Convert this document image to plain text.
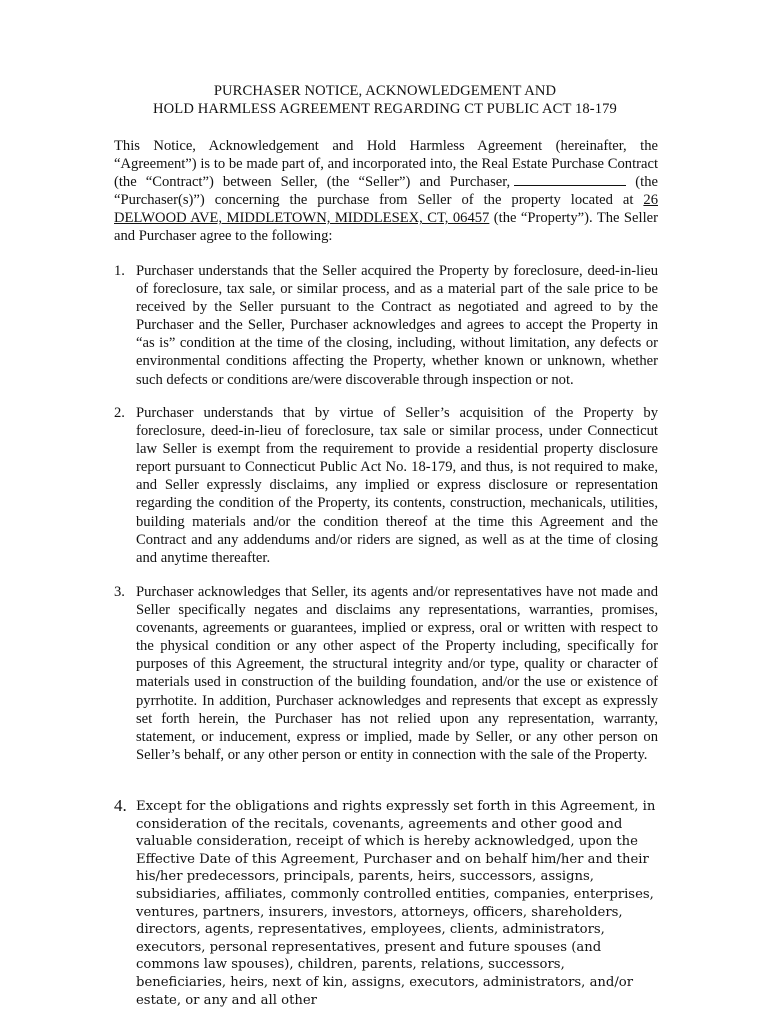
PURCHASER NOTICE, ACKNOWLEDGEMENT AND
HOLD HARMLESS AGREEMENT REGARDING CT PUBLIC ACT 18-179

This Notice, Acknowledgement and Hold Harmless Agreement (hereinafter, the “Agreement”) is to be made part of, and incorporated into, the Real Estate Purchase Contract (the “Contract”) between Seller, (the “Seller”) and Purchaser,	(the “Purchaser(s)”) concerning the purchase from Seller of the property located at 26 DELWOOD AVE, MIDDLETOWN, MIDDLESEX, CT, 06457 (the “Property”). The Seller and Purchaser agree to the following:

1. Purchaser understands that the Seller acquired the Property by foreclosure, deed-in-lieu of foreclosure, tax sale, or similar process, and as a material part of the sale price to be received by the Seller pursuant to the Contract as negotiated and agreed to by the Purchaser and the Seller, Purchaser acknowledges and agrees to accept the Property in “as is” condition at the time of the closing, including, without limitation, any defects or environmental conditions affecting the Property, whether known or unknown, whether such defects or conditions are/were discoverable through inspection or not.
2. Purchaser understands that by virtue of Seller’s acquisition of the Property by foreclosure, deed-in-lieu of foreclosure, tax sale or similar process, under Connecticut law Seller is exempt from the requirement to provide a residential property disclosure report pursuant to Connecticut Public Act No. 18-179, and thus, is not required to make, and Seller expressly disclaims, any implied or express disclosure or representation regarding the condition of the Property, its contents, construction, mechanicals, utilities, building materials and/or the condition thereof at the time this Agreement and the Contract and any addendums and/or riders are signed, as well as at the time of closing and anytime thereafter.
3. Purchaser acknowledges that Seller, its agents and/or representatives have not made and Seller specifically negates and disclaims any representations, warranties, promises, covenants, agreements or guarantees, implied or express, oral or written with respect to the physical condition or any other aspect of the Property including, specifically for purposes of this Agreement, the structural integrity and/or type, quality or character of materials used in construction of the building foundation, and/or the use or existence of pyrrhotite. In addition, Purchaser acknowledges and represents that except as expressly set forth herein, the Purchaser has not relied upon any representation, warranty, statement, or inducement, express or implied, made by Seller, or any other person on Seller’s behalf, or any other person or entity in connection with the sale of the Property.
4. Except for the obligations and rights expressly set forth in this Agreement, in consideration of the recitals, covenants, agreements and other good and valuable consideration, receipt of which is hereby acknowledged, upon the Effective Date of this Agreement, Purchaser and on behalf him/her and their his/her predecessors, principals, parents, heirs, successors, assigns, subsidiaries, affiliates, commonly controlled entities, companies, enterprises, ventures, partners, insurers, investors, attorneys, officers, shareholders, directors, agents, representatives, employees, clients, administrators, executors, personal representatives, present and future spouses (and commons law spouses), children, parents, relations, successors, beneficiaries, heirs, next of kin, assigns, executors, administrators, and/or estate, or any and all other
